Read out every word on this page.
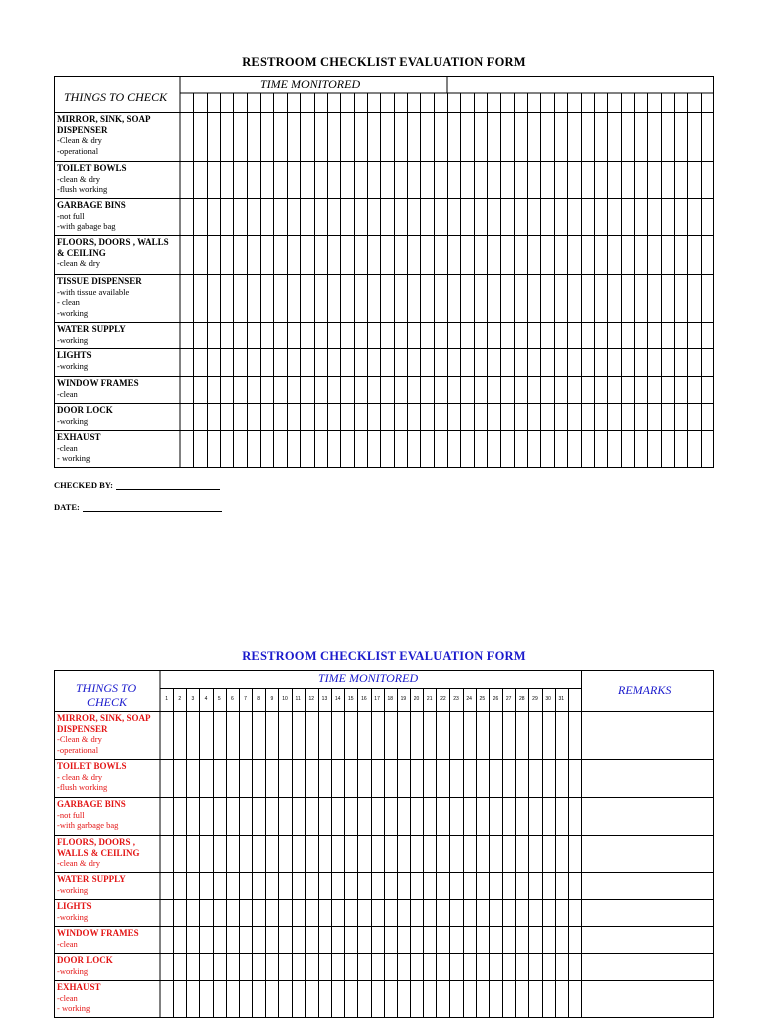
RESTROOM CHECKLIST EVALUATION FORM
THINGS TO CHECK
TIME MONITORED
MIRROR, SINK, SOAP DISPENSER
-Clean & dry
-operational
TOILET BOWLS
-clean & dry
-flush working
GARBAGE BINS
-not full
-with gabage bag
FLOORS, DOORS , WALLS & CEILING
-clean & dry
TISSUE DISPENSER
-with tissue available
- clean
-working
WATER SUPPLY
-working
LIGHTS
-working
WINDOW FRAMES
-clean
DOOR LOCK
-working
EXHAUST
-clean
- working
CHECKED BY:
DATE:
RESTROOM CHECKLIST EVALUATION FORM
THINGS TO
CHECK
TIME MONITORED
REMARKS
1	2	3	4	5	6	7	8	9	10	11	12	13	14	15	16	17	18	19	20	21	22	23	24	25	26	27	28	29	30	31
MIRROR, SINK, SOAP DISPENSER
-Clean & dry
-operational
TOILET BOWLS
- clean & dry
-flush working
GARBAGE BINS
-not full
-with garbage bag
FLOORS, DOORS , WALLS & CEILING
-clean & dry
WATER SUPPLY
-working
LIGHTS
-working
WINDOW FRAMES
-clean
DOOR LOCK
-working
EXHAUST
-clean
- working
